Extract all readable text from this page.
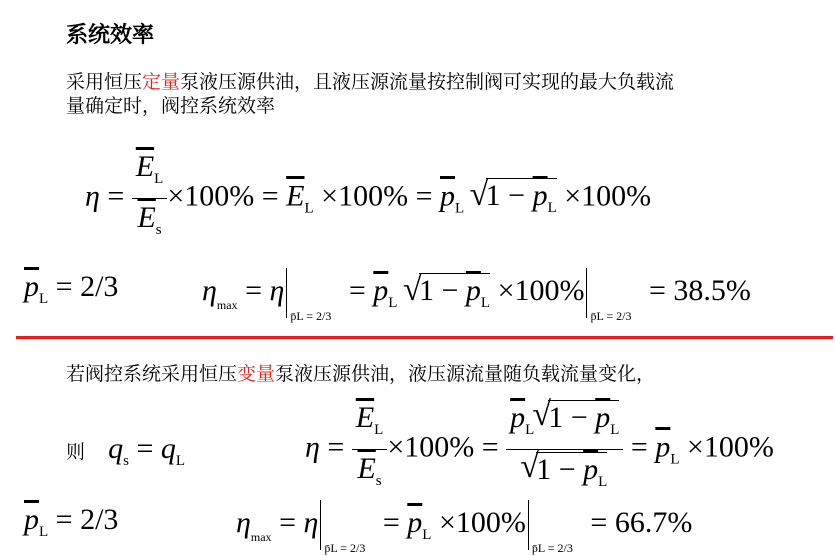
系统效率
采用恒压定量泵液压源供油，且液压源流量按控制阀可实现的最大负载流
量确定时，阀控系统效率
$\eta = \frac{\overline{E}_L}{\overline{E}_s} \times 100\% = \overline{E}_L \times 100\% = \overline{p}_L$ √ $1 - \overline{p}_L \times 100\%$
$\overline{p}_L = 2/3$	$\eta_{max} = \eta$
p̄L = 2/3
= $\overline{p}_L$ √ $1 - \overline{p}_L \times 100\%$
p̄L = 2/3
= 38.5%
若阀控系统采用恒压变量泵液压源供油，液压源流量随负载流量变化，
则 $q_s = q_L$	$\eta = \frac{\overline{E}_L}{\overline{E}_s} \times 100\% = \overline{p}_L$ √ $1 - \overline{p}_L$
√ $1 - \overline{p}_L = \overline{p}_L \times 100\%$
$\overline{p}_L = 2/3$	$\eta_{max} = \eta$
p̄L = 2/3
= $\overline{p}_L \times 100\%$
p̄L = 2/3
= 66.7%
